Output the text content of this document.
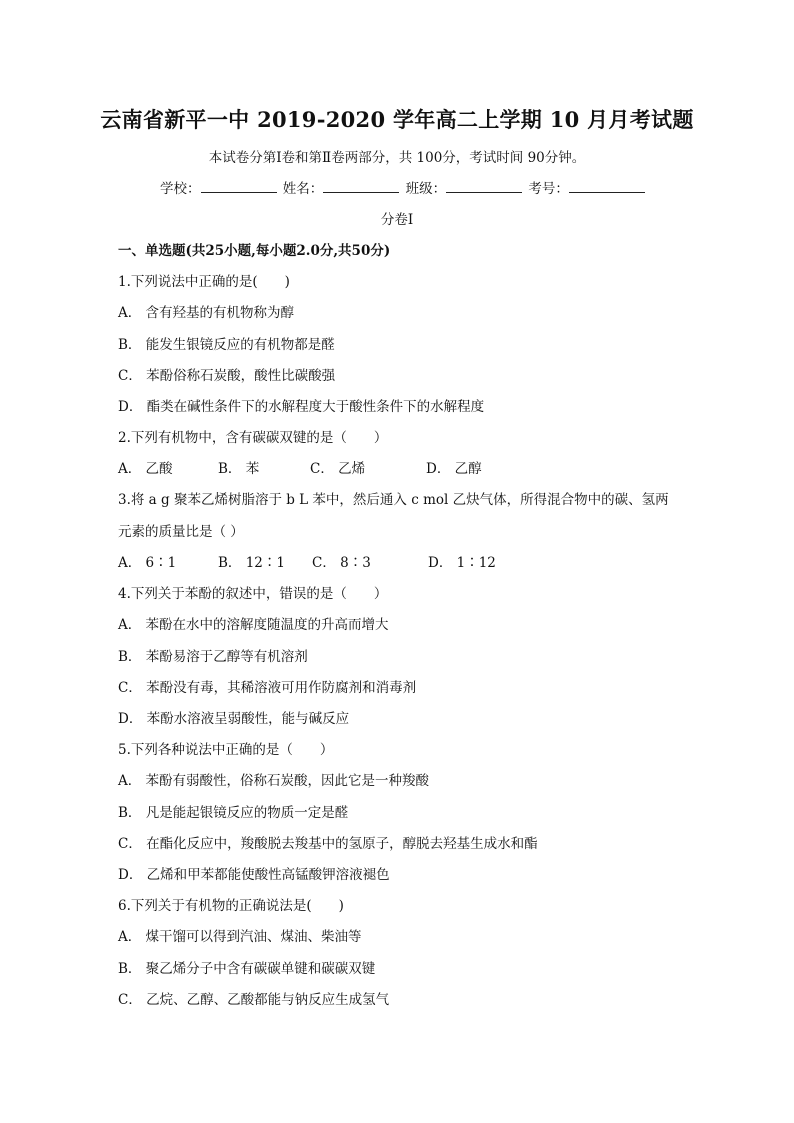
云南省新平一中 2019-2020 学年高二上学期 10 月月考试题
本试卷分第Ⅰ卷和第Ⅱ卷两部分，共 100分，考试时间 90分钟。
学校：	姓名：	班级：	考号：
分卷I
一、单选题(共25小题,每小题2.0分,共50分)
1.下列说法中正确的是(　　)
A． 含有羟基的有机物称为醇
B． 能发生银镜反应的有机物都是醛
C． 苯酚俗称石炭酸，酸性比碳酸强
D． 酯类在碱性条件下的水解程度大于酸性条件下的水解程度
2.下列有机物中，含有碳碳双键的是（　　）
A． 乙酸	B． 苯	C． 乙烯	D． 乙醇
3.将 a g 聚苯乙烯树脂溶于 b L 苯中，然后通入 c mol 乙炔气体，所得混合物中的碳、氢两
元素的质量比是（ ）
A． 6∶1	B． 12∶1 C． 8∶3	D． 1∶12
4.下列关于苯酚的叙述中，错误的是（　　）
A． 苯酚在水中的溶解度随温度的升高而增大
B． 苯酚易溶于乙醇等有机溶剂
C． 苯酚没有毒，其稀溶液可用作防腐剂和消毒剂
D． 苯酚水溶液呈弱酸性，能与碱反应
5.下列各种说法中正确的是（　　）
A． 苯酚有弱酸性，俗称石炭酸，因此它是一种羧酸
B． 凡是能起银镜反应的物质一定是醛
C． 在酯化反应中，羧酸脱去羧基中的氢原子，醇脱去羟基生成水和酯
D． 乙烯和甲苯都能使酸性高锰酸钾溶液褪色
6.下列关于有机物的正确说法是(　　)
A． 煤干馏可以得到汽油、煤油、柴油等
B． 聚乙烯分子中含有碳碳单键和碳碳双键
C． 乙烷、乙醇、乙酸都能与钠反应生成氢气
